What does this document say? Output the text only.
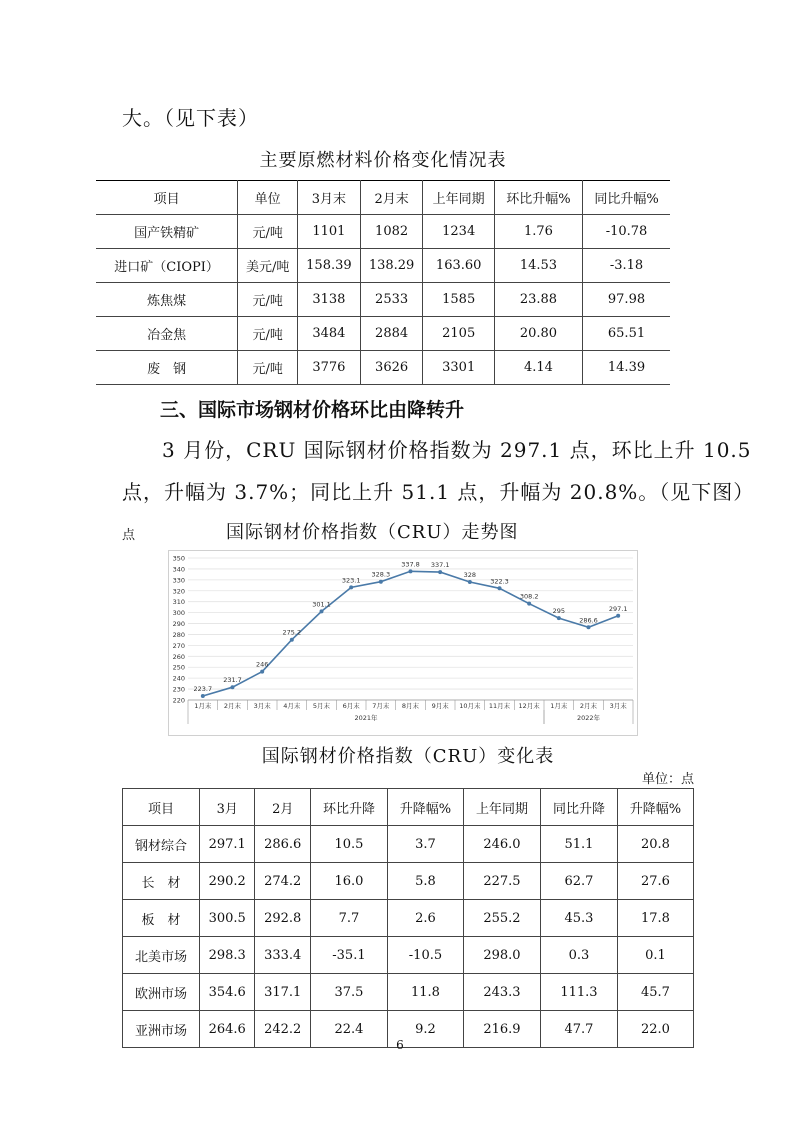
大。（见下表）
主要原燃材料价格变化情况表
项目	单位	3月末	2月末	上年同期	环比升幅%	同比升幅%
国产铁精矿	元/吨	1101	1082	1234	1.76	-10.78
进口矿（CIOPI）	美元/吨	158.39	138.29	163.60	14.53	-3.18
炼焦煤	元/吨	3138	2533	1585	23.88	97.98
冶金焦	元/吨	3484	2884	2105	20.80	65.51
废　钢	元/吨	3776	3626	3301	4.14	14.39
三、国际市场钢材价格环比由降转升
3 月份，CRU 国际钢材价格指数为 297.1 点，环比上升 10.5
点，升幅为 3.7%；同比上升 51.1 点，升幅为 20.8%。（见下图）
点	国际钢材价格指数（CRU）走势图
220
230
240
250
260
270
280
290
300
310
320
330
340
350
1月末 2月末 3月末 4月末 5月末 6月末 7月末 8月末 9月末 10月末 11月末 12月末 1月末 2月末 3月末
2021年	2022年
223.7
231.7
246
275.2
301.1
323.1
328.3
337.8 337.1
328
322.3
308.2
295
286.6
297.1
国际钢材价格指数（CRU）变化表
单位：点
项目	3月	2月	环比升降	升降幅%	上年同期	同比升降	升降幅%
钢材综合	297.1	286.6	10.5	3.7	246.0	51.1	20.8
长　材	290.2	274.2	16.0	5.8	227.5	62.7	27.6
板　材	300.5	292.8	7.7	2.6	255.2	45.3	17.8
北美市场	298.3	333.4	-35.1	-10.5	298.0	0.3	0.1
欧洲市场	354.6	317.1	37.5	11.8	243.3	111.3	45.7
亚洲市场	264.6	242.2	22.4	9.2	216.9	47.7	22.0
6
